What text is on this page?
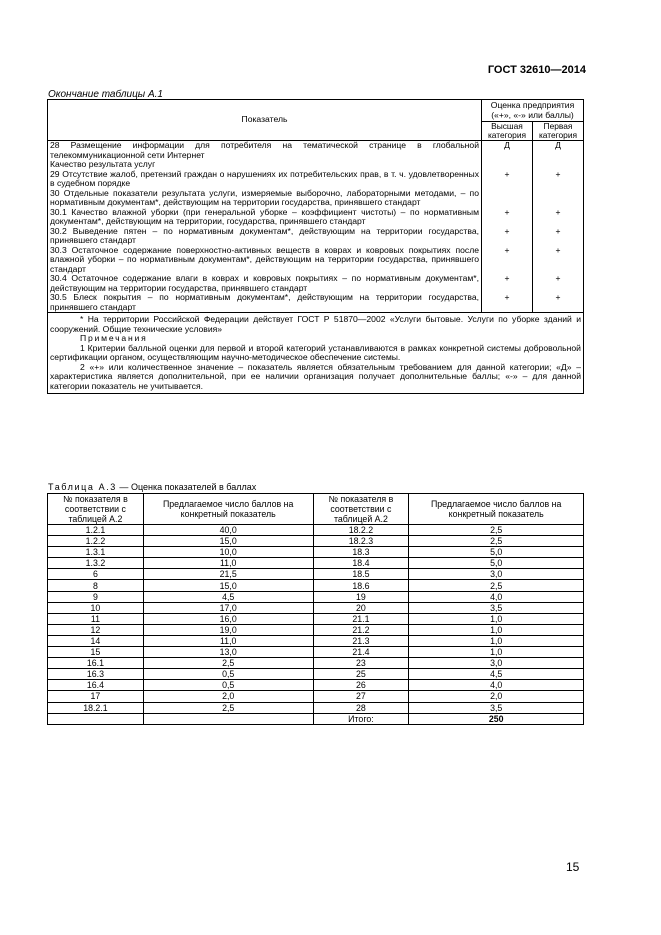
ГОСТ 32610—2014
Окончание таблицы А.1
Показатель	Оценка предприятия («+», «-» или баллы)	
	Высшая категория	Первая категория
28 Размещение информации для потребителя на тематической странице в глобальной телекоммуникационной сети Интернет	Д	Д
Качество результата услуг		
29 Отсутствие жалоб, претензий граждан о нарушениях их потребительских прав, в т. ч. удовлетворенных в судебном порядке	+	+
30 Отдельные показатели результата услуги, измеряемые выборочно, лабораторными методами, – по нормативным документам*, действующим на территории государства, принявшего стандарт		
30.1 Качество влажной уборки (при генеральной уборке – коэффициент чистоты) – по нормативным документам*, действующим на территории, государства, принявшего стандарт	+	+
30.2 Выведение пятен – по нормативным документам*, действующим на территории государства, принявшего стандарт	+	+
30.3 Остаточное содержание поверхностно-активных веществ в коврах и ковровых покрытиях после влажной уборки – по нормативным документам*, действующим на территории государства, принявшего стандарт	+	+
30.4 Остаточное содержание влаги в коврах и ковровых покрытиях – по нормативным документам*, действующим на территории государства, принявшего стандарт	+	+
30.5 Блеск покрытия – по нормативным документам*, действующим на территории государства, принявшего стандарт	+	+

* На территории Российской Федерации действует ГОСТ Р 51870—2002 «Услуги бытовые. Услуги по уборке зданий и сооружений. Общие технические условия»

Примечания

1 Критерии балльной оценки для первой и второй категорий устанавливаются в рамках конкретной системы добровольной сертификации органом, осуществляющим научно-методическое обеспечение системы.

2 «+» или количественное значение – показатель является обязательным требованием для данной категории; «Д» – характеристика является дополнительной, при ее наличии организация получает дополнительные баллы; «-» – для данной категории показатель не учитывается.		

Таблица А.3 — Оценка показателей в баллах
№ показателя в соответствии с таблицей А.2	Предлагаемое число баллов на конкретный показатель	№ показателя в соответствии с таблицей А.2	Предлагаемое число баллов на конкретный показатель
1.2.1	40,0	18.2.2	2,5
1.2.2	15,0	18.2.3	2,5
1.3.1	10,0	18.3	5,0
1.3.2	11,0	18.4	5,0
6	21,5	18.5	3,0
8	15,0	18.6	2,5
9	4,5	19	4,0
10	17,0	20	3,5
11	16,0	21.1	1,0
12	19,0	21.2	1,0
14	11,0	21.3	1,0
15	13,0	21.4	1,0
16.1	2,5	23	3,0
16.3	0,5	25	4,5
16.4	0,5	26	4,0
17	2,0	27	2,0
18.2.1	2,5	28	3,5
		Итого:	250
15
